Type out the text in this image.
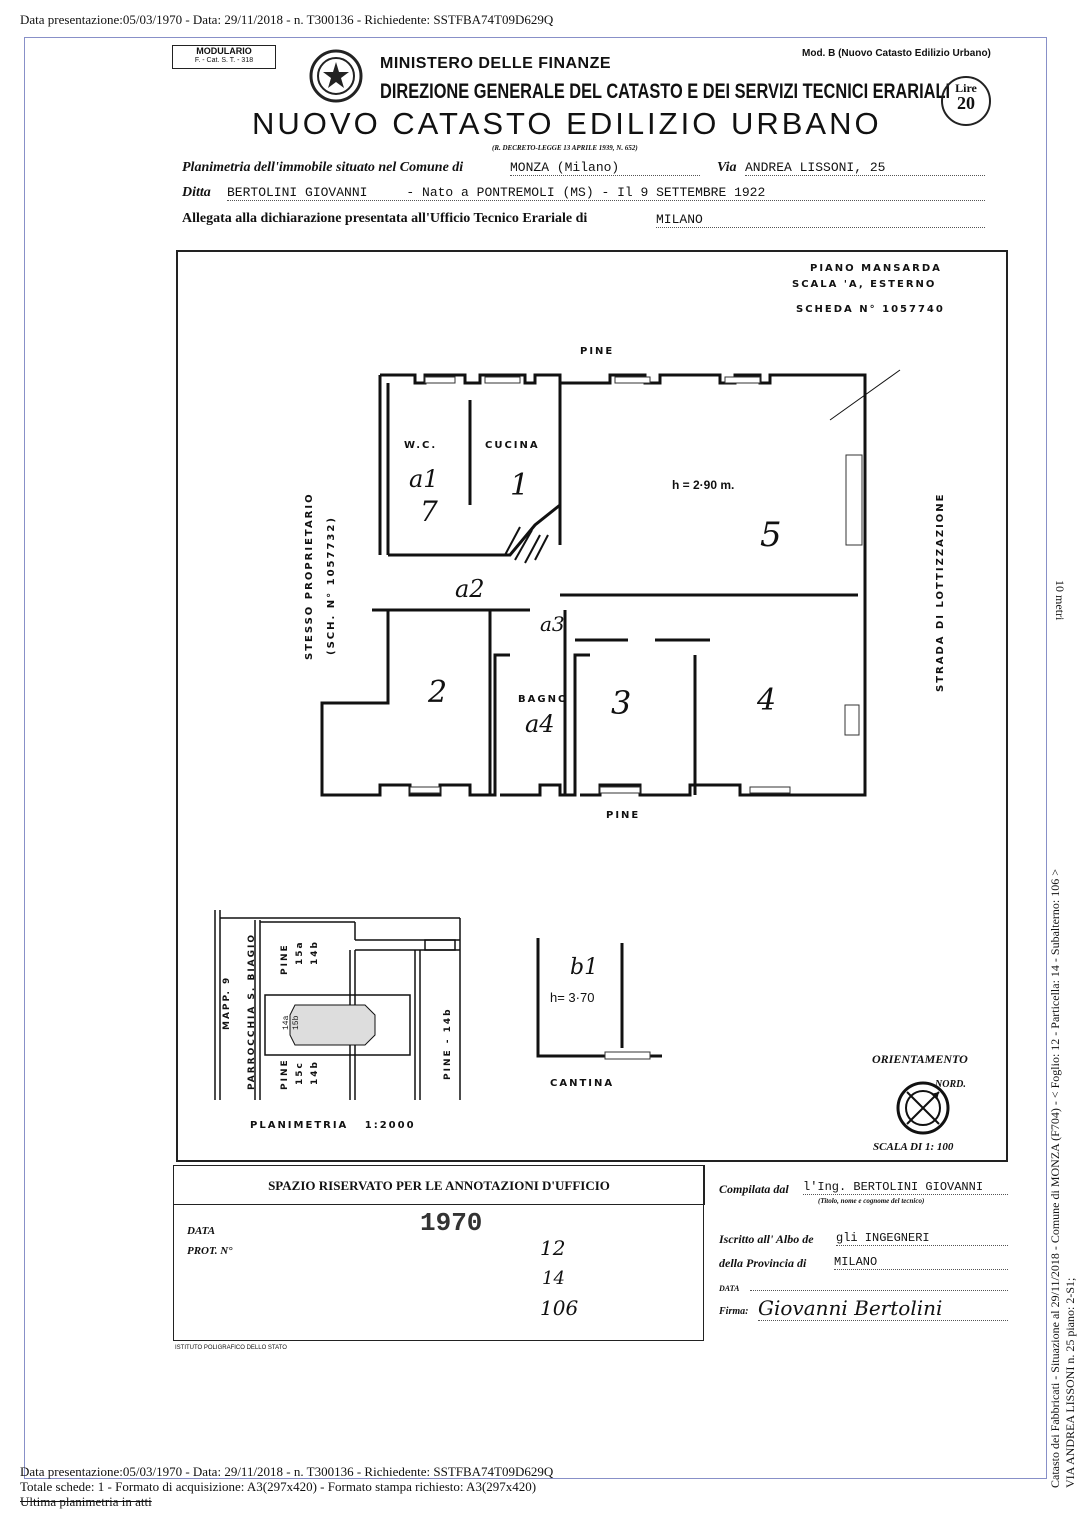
Data presentazione:05/03/1970 - Data: 29/11/2018 - n. T300136 - Richiedente: SSTFBA74T09D629Q
MODULARIO
F. - Cat. S. T. - 318
Mod. B (Nuovo Catasto Edilizio Urbano)
MINISTERO DELLE FINANZE
DIREZIONE GENERALE DEL CATASTO E DEI SERVIZI TECNICI ERARIALI Lire
20
NUOVO CATASTO EDILIZIO URBANO
(R. DECRETO-LEGGE 13 APRILE 1939, N. 652)
Planimetria dell'immobile situato nel Comune di	MONZA (Milano)	Via ANDREA LISSONI, 25
Ditta BERTOLINI GIOVANNI     - Nato a PONTREMOLI (MS) - Il 9 SETTEMBRE 1922
Allegata alla dichiarazione presentata all'Ufficio Tecnico Erariale di	MILANO
PIANO MANSARDA
SCALA 'A, ESTERNO
SCHEDA N° 1057740
PINE
PINE
W.C.
a1
7
CUCINA
1	h = 2·90 m.
5
a2
a3
2	BAGNO
a4
3	4
STESSO PROPRIETARIO (SCH. N° 1057732)	STRADA DI LOTTIZZAZIONE
MAPP. 9 PARROCCHIA S. BIAGIO	PINE 15a 14b
14a 15b
PINE 15c 14b	PINE - 14b
PLANIMETRIA   1:2000
b1
h= 3·70
CANTINA
ORIENTAMENTO
NORD.
SCALA DI 1: 100
SPAZIO RISERVATO PER LE ANNOTAZIONI D'UFFICIO
DATA
PROT. N°
1970
12
14
106
ISTITUTO POLIGRAFICO DELLO STATO
Compilata dal l'Ing. BERTOLINI GIOVANNI
(Titolo, nome e cognome del tecnico)
Iscritto all' Albo de gli INGEGNERI
della Provincia di MILANO
DATA
Firma: Giovanni Bertolini
10 metri
Catasto dei Fabbricati - Situazione al 29/11/2018 - Comune di MONZA (F704) - < Foglio: 12 - Particella: 14 - Subalterno: 106 > VIA ANDREA LISSONI n. 25 piano: 2-S1;
Data presentazione:05/03/1970 - Data: 29/11/2018 - n. T300136 - Richiedente: SSTFBA74T09D629Q
Totale schede: 1 - Formato di acquisizione: A3(297x420) - Formato stampa richiesto: A3(297x420)
Ultima planimetria in atti
